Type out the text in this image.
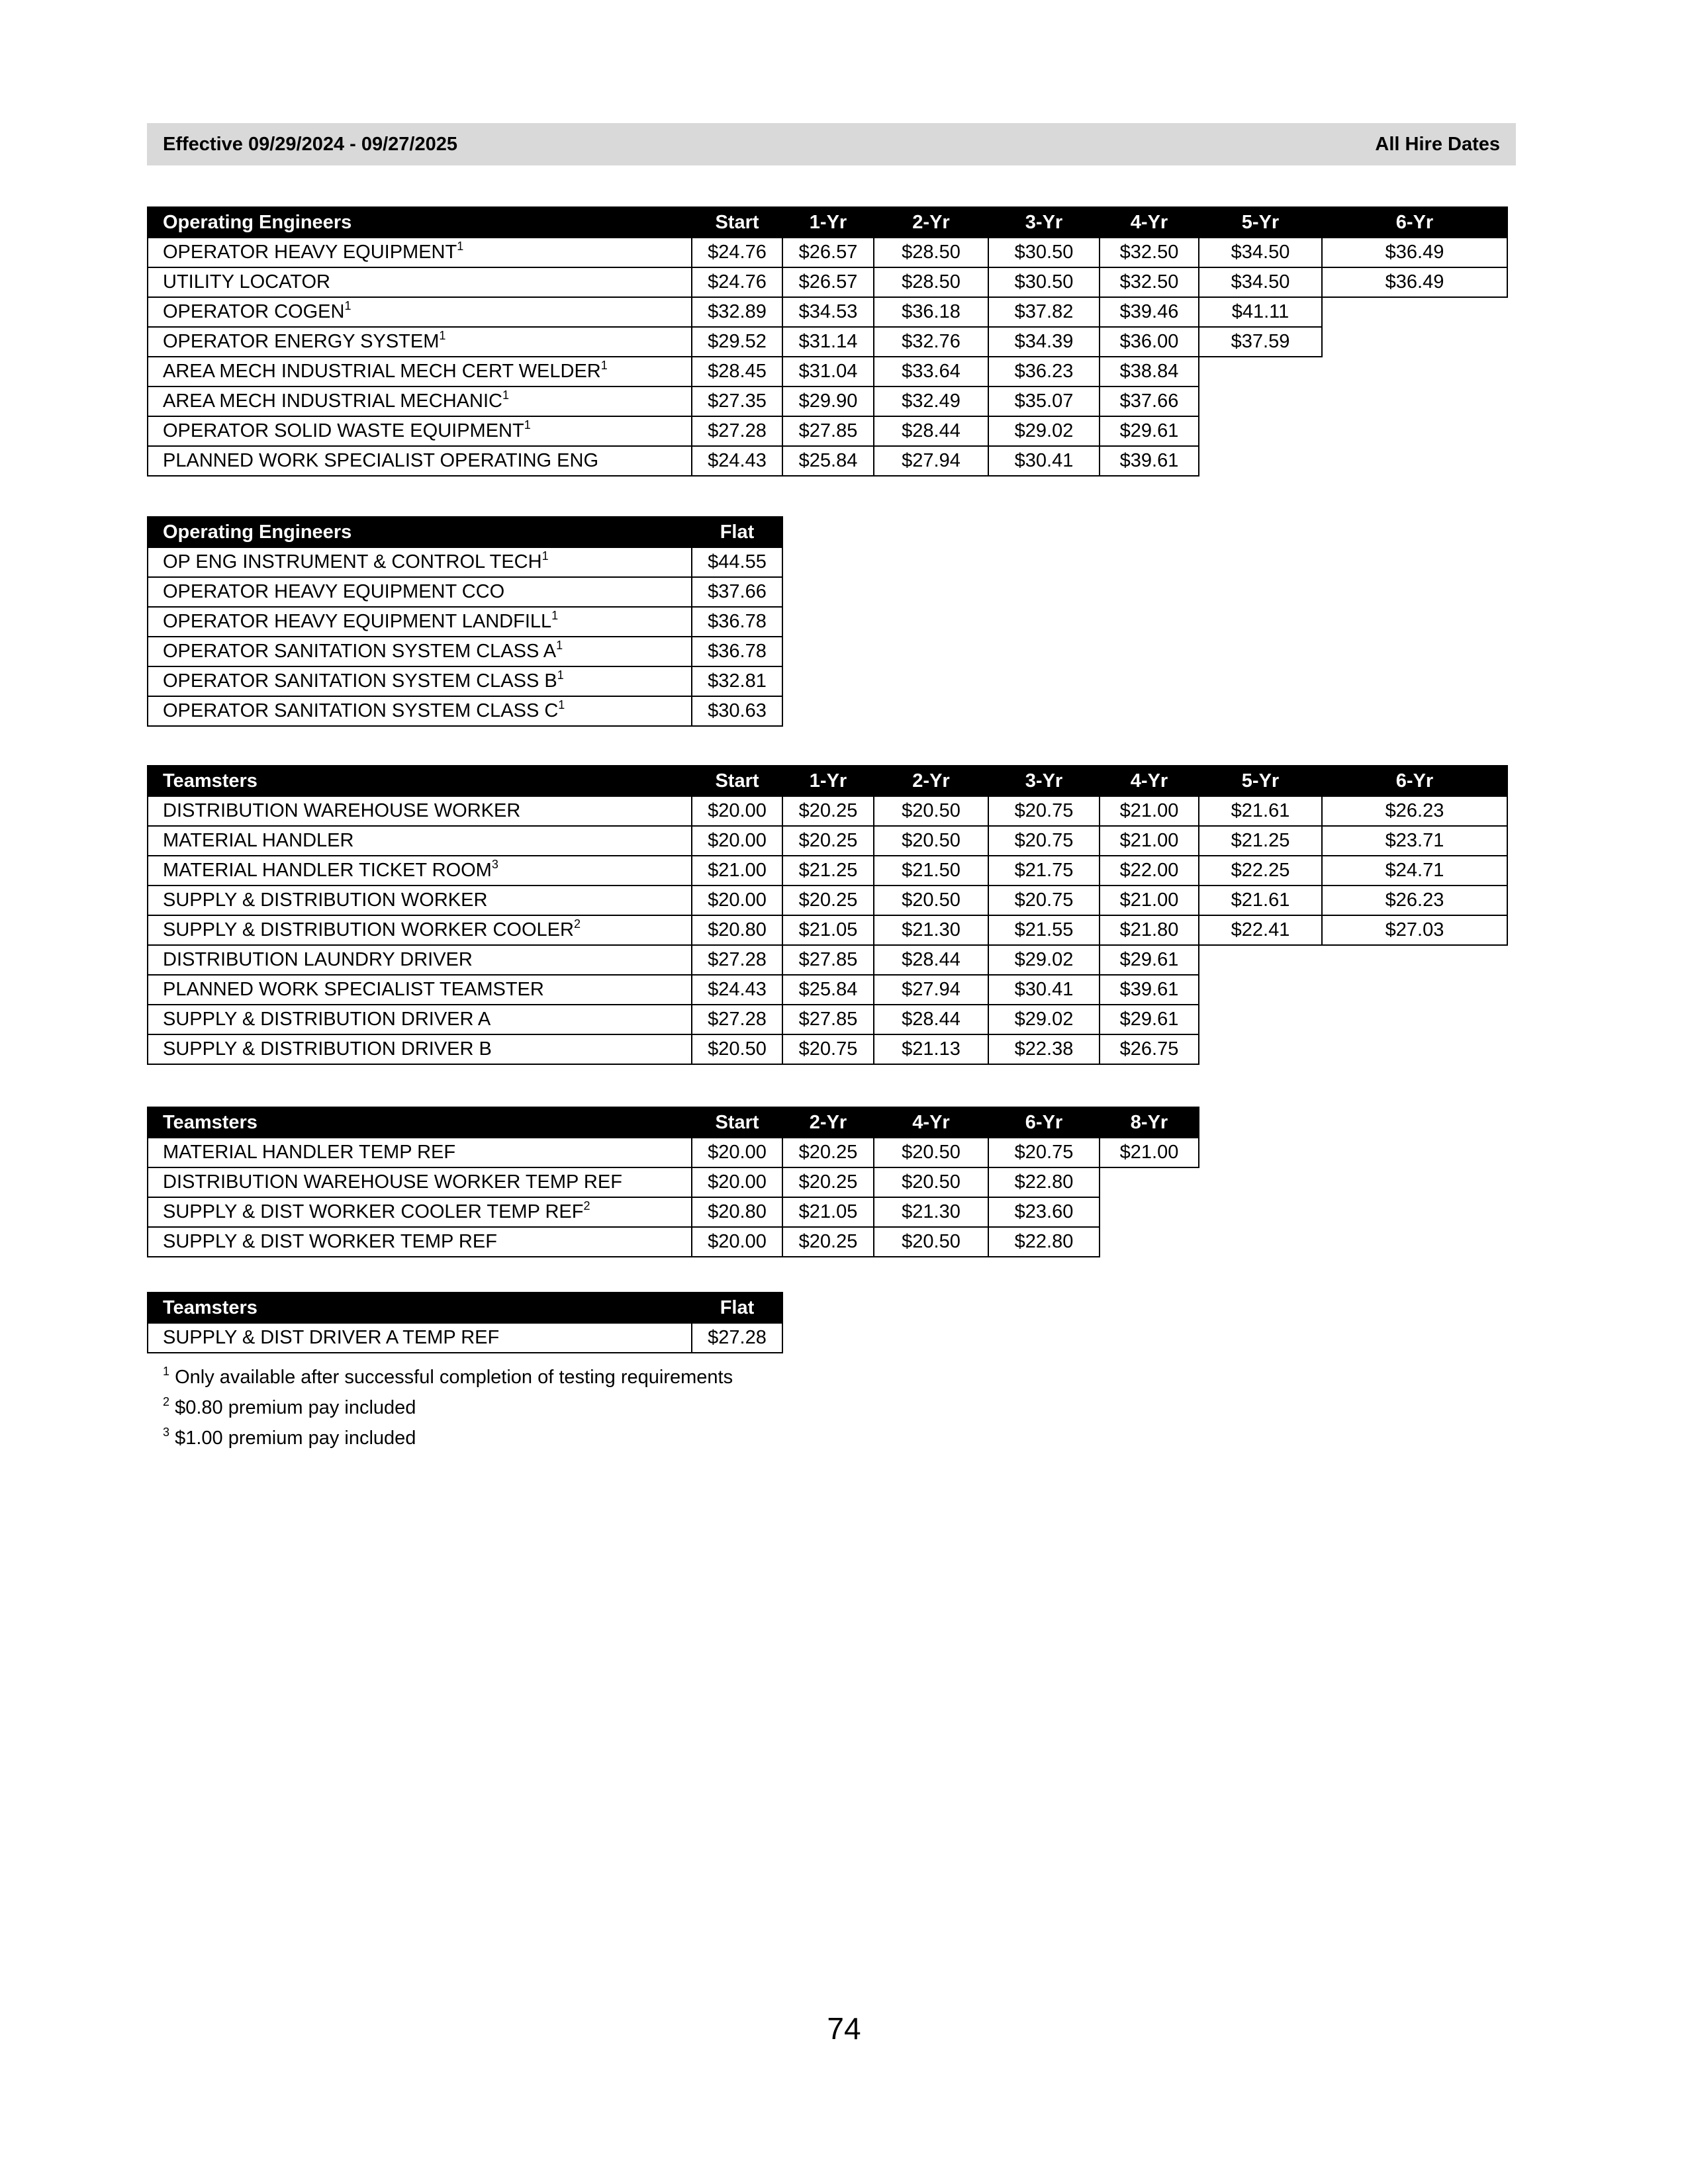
Effective 09/29/2024 - 09/27/2025	All Hire Dates
Operating Engineers	Start	1-Yr	2-Yr	3-Yr	4-Yr	5-Yr	6-Yr
OPERATOR HEAVY EQUIPMENT$^1$	$24.76	$26.57	$28.50	$30.50	$32.50	$34.50	$36.49
UTILITY LOCATOR	$24.76	$26.57	$28.50	$30.50	$32.50	$34.50	$36.49
OPERATOR COGEN$^1$	$32.89	$34.53	$36.18	$37.82	$39.46	$41.11	
OPERATOR ENERGY SYSTEM$^1$	$29.52	$31.14	$32.76	$34.39	$36.00	$37.59	
AREA MECH INDUSTRIAL MECH CERT WELDER$^1$	$28.45	$31.04	$33.64	$36.23	$38.84		
AREA MECH INDUSTRIAL MECHANIC$^1$	$27.35	$29.90	$32.49	$35.07	$37.66		
OPERATOR SOLID WASTE EQUIPMENT$^1$	$27.28	$27.85	$28.44	$29.02	$29.61		
PLANNED WORK SPECIALIST OPERATING ENG	$24.43	$25.84	$27.94	$30.41	$39.61		
Operating Engineers	Flat
OP ENG INSTRUMENT & CONTROL TECH$^1$	$44.55
OPERATOR HEAVY EQUIPMENT CCO	$37.66
OPERATOR HEAVY EQUIPMENT LANDFILL$^1$	$36.78
OPERATOR SANITATION SYSTEM CLASS $A^1$	$36.78
OPERATOR SANITATION SYSTEM CLASS $B^1$	$32.81
OPERATOR SANITATION SYSTEM CLASS $C^1$	$30.63
Teamsters	Start	1-Yr	2-Yr	3-Yr	4-Yr	5-Yr	6-Yr
DISTRIBUTION WAREHOUSE WORKER	$20.00	$20.25	$20.50	$20.75	$21.00	$21.61	$26.23
MATERIAL HANDLER	$20.00	$20.25	$20.50	$20.75	$21.00	$21.25	$23.71
MATERIAL HANDLER TICKET ROOM$^3$	$21.00	$21.25	$21.50	$21.75	$22.00	$22.25	$24.71
SUPPLY & DISTRIBUTION WORKER	$20.00	$20.25	$20.50	$20.75	$21.00	$21.61	$26.23
SUPPLY & DISTRIBUTION WORKER COOLER$^2$	$20.80	$21.05	$21.30	$21.55	$21.80	$22.41	$27.03
DISTRIBUTION LAUNDRY DRIVER	$27.28	$27.85	$28.44	$29.02	$29.61		
PLANNED WORK SPECIALIST TEAMSTER	$24.43	$25.84	$27.94	$30.41	$39.61		
SUPPLY & DISTRIBUTION DRIVER A	$27.28	$27.85	$28.44	$29.02	$29.61		
SUPPLY & DISTRIBUTION DRIVER B	$20.50	$20.75	$21.13	$22.38	$26.75		
Teamsters	Start	2-Yr	4-Yr	6-Yr	8-Yr
MATERIAL HANDLER TEMP REF	$20.00	$20.25	$20.50	$20.75	$21.00
DISTRIBUTION WAREHOUSE WORKER TEMP REF	$20.00	$20.25	$20.50	$22.80	
SUPPLY & DIST WORKER COOLER TEMP REF$^2$	$20.80	$21.05	$21.30	$23.60	
SUPPLY & DIST WORKER TEMP REF	$20.00	$20.25	$20.50	$22.80	
Teamsters	Flat
SUPPLY & DIST DRIVER A TEMP REF	$27.28
$^1$ Only available after successful completion of testing requirements
$^2$ $0.80 premium pay included
$^3$ $1.00 premium pay included
74
